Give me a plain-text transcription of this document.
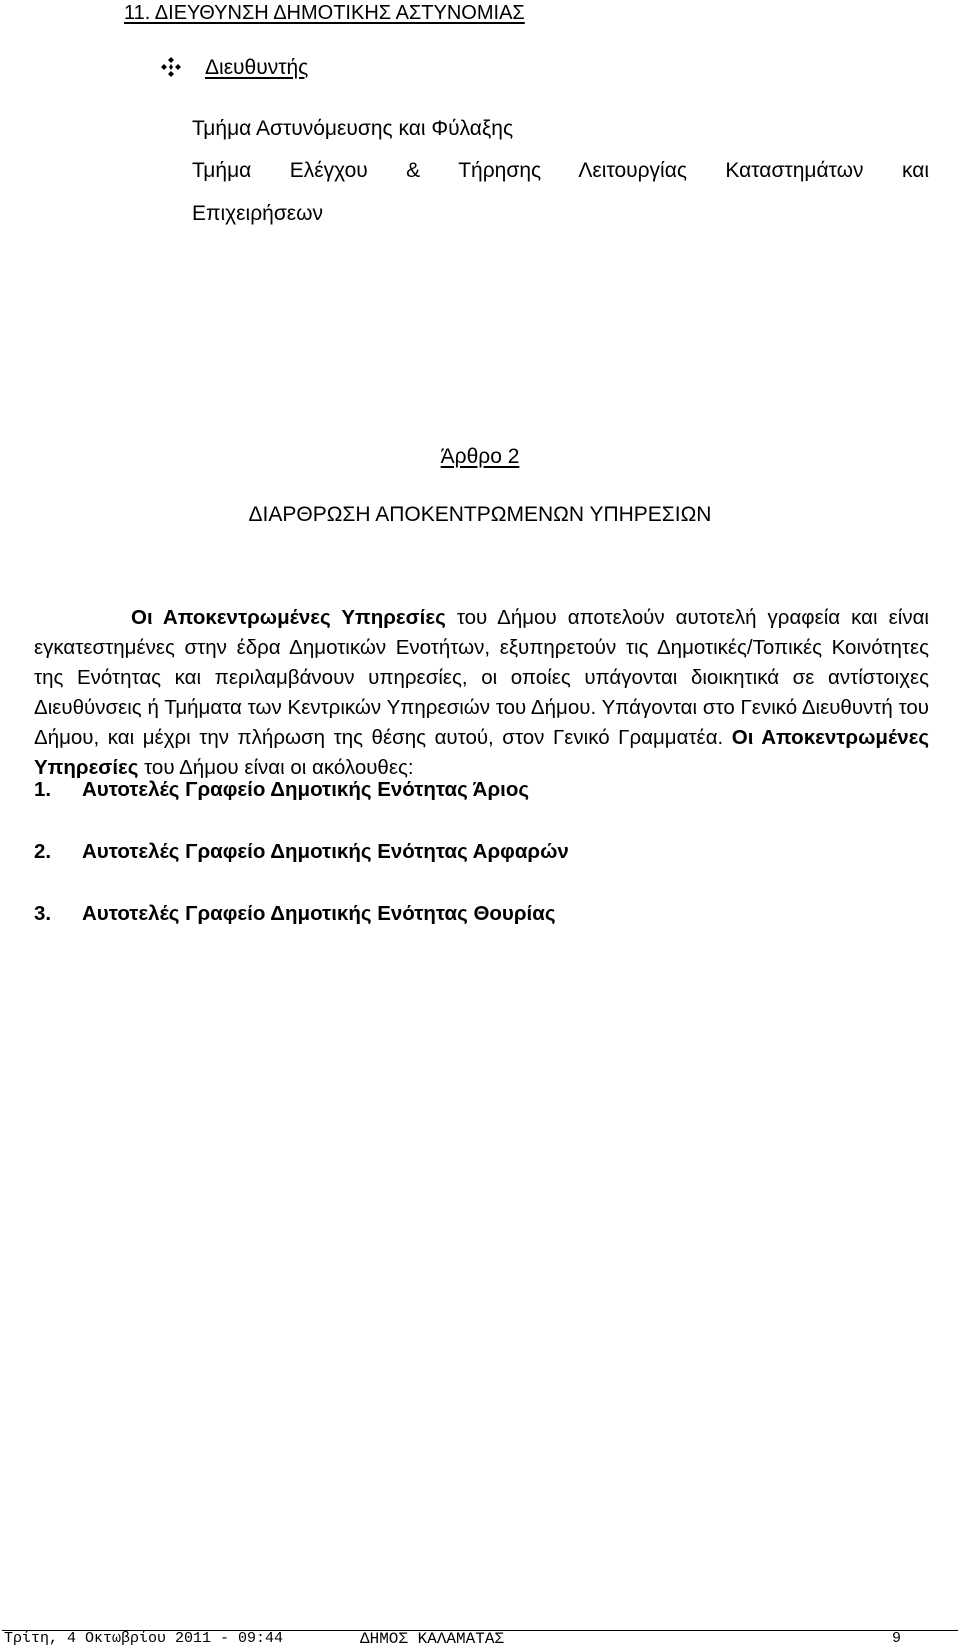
11. ΔΙΕΥΘΥΝΣΗ ΔΗΜΟΤΙΚΗΣ ΑΣΤΥΝΟΜΙΑΣ
Διευθυντής
Τμήμα Αστυνόμευσης και Φύλαξης
Τμήμα Ελέγχου & Τήρησης Λειτουργίας Καταστημάτων και
Επιχειρήσεων
Άρθρο 2
ΔΙΑΡΘΡΩΣΗ ΑΠΟΚΕΝΤΡΩΜΕΝΩΝ ΥΠΗΡΕΣΙΩΝ
Οι Αποκεντρωμένες Υπηρεσίες του Δήμου αποτελούν αυτοτελή γραφεία και είναι εγκατεστημένες στην έδρα Δημοτικών Ενοτήτων, εξυπηρετούν τις Δημοτικές/Τοπικές Κοινότητες της Ενότητας και περιλαμβάνουν υπηρεσίες, οι οποίες υπάγονται διοικητικά σε αντίστοιχες Διευθύνσεις ή Τμήματα των Κεντρικών Υπηρεσιών του Δήμου. Υπάγονται στο Γενικό Διευθυντή του Δήμου, και μέχρι την πλήρωση της θέσης αυτού, στον Γενικό Γραμματέα. Οι Αποκεντρωμένες Υπηρεσίες του Δήμου είναι οι ακόλουθες:
1. Αυτοτελές Γραφείο Δημοτικής Ενότητας Άριος
2. Αυτοτελές Γραφείο Δημοτικής Ενότητας Αρφαρών
3. Αυτοτελές Γραφείο Δημοτικής Ενότητας Θουρίας
Τρίτη, 4 Οκτωβρίου 2011 - 09:44	ΔΗΜΟΣ ΚΑΛΑΜΑΤΑΣ	9
